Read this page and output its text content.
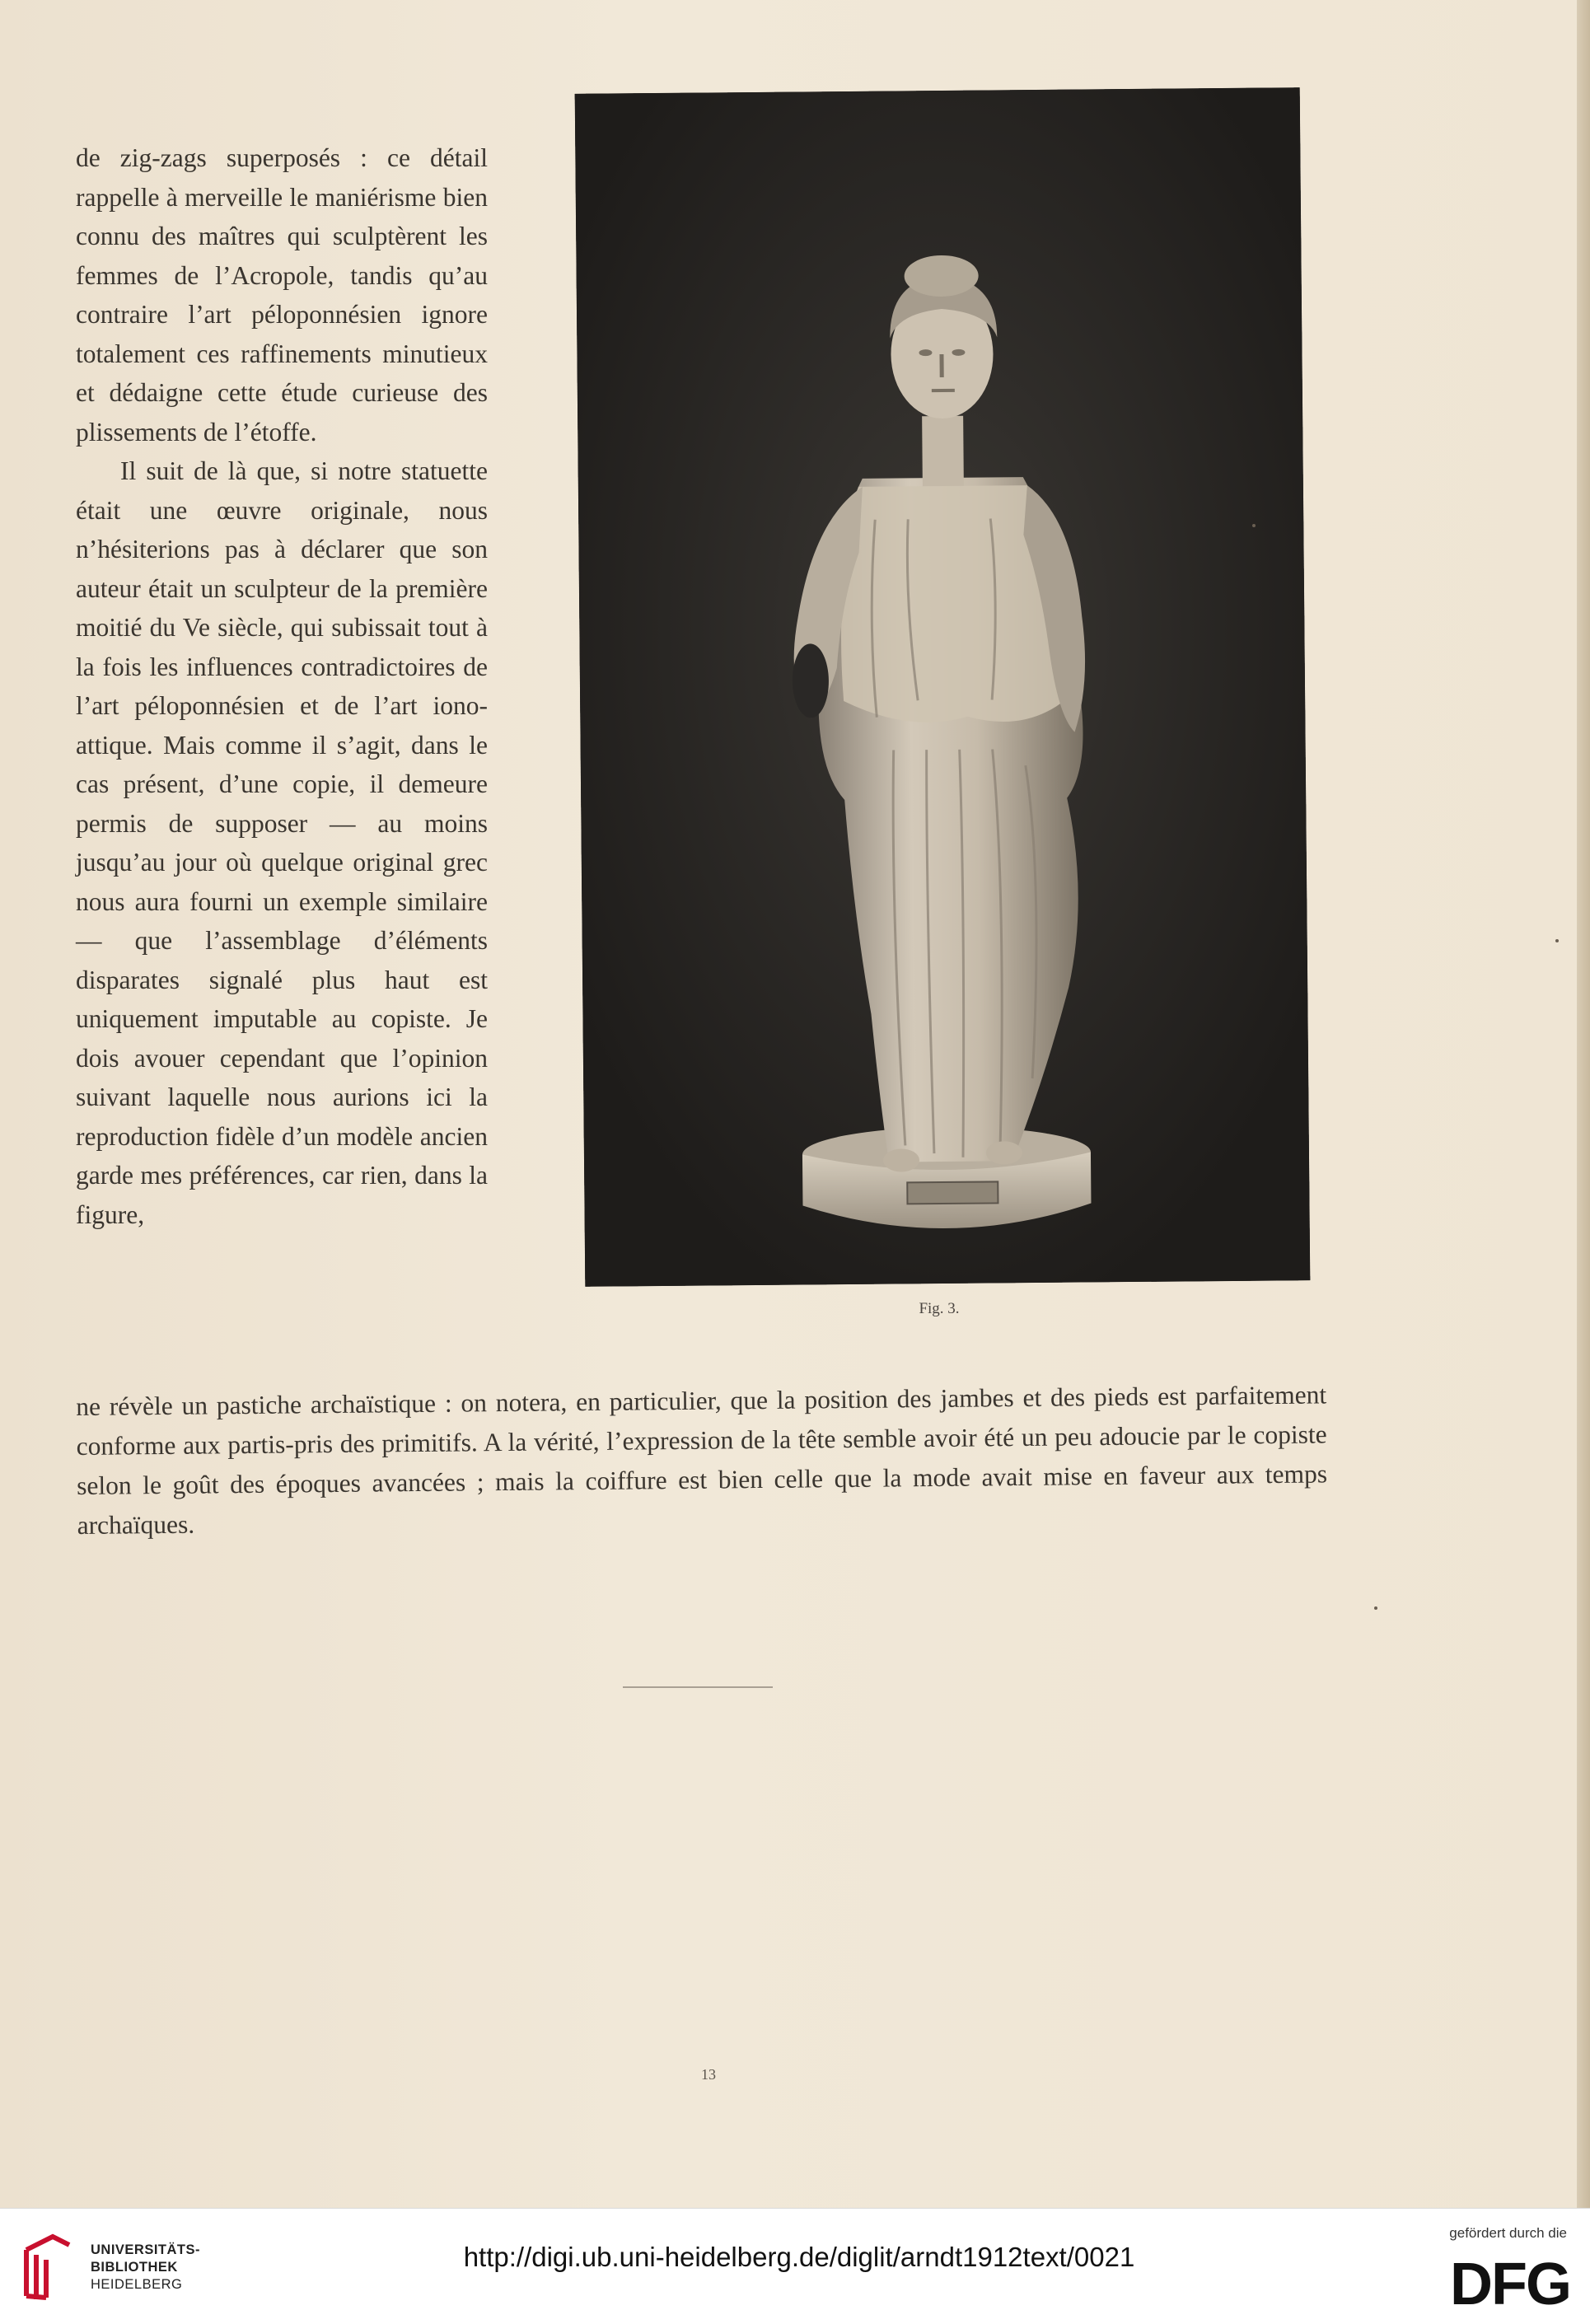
de zig-zags superposés : ce détail rappelle à merveille le maniérisme bien connu des maîtres qui sculptèrent les femmes de l’Acropole, tandis qu’au contraire l’art péloponnésien ignore totalement ces raffinements minutieux et dédaigne cette étude curieuse des plissements de l’étoffe.

Il suit de là que, si notre statuette était une œuvre originale, nous n’hésiterions pas à déclarer que son auteur était un sculpteur de la première moitié du Ve siècle, qui subissait tout à la fois les influences contradictoires de l’art péloponnésien et de l’art iono-attique. Mais comme il s’agit, dans le cas présent, d’une copie, il demeure permis de supposer — au moins jusqu’au jour où quelque original grec nous aura fourni un exemple similaire — que l’assemblage d’éléments disparates signalé plus haut est uniquement imputable au copiste. Je dois avouer cependant que l’opinion suivant laquelle nous aurions ici la reproduction fidèle d’un modèle ancien garde mes préférences, car rien, dans la figure,

Fig. 3.

ne révèle un pastiche archaïstique : on notera, en particulier, que la position des jambes et des pieds est parfaitement conforme aux partis-pris des primitifs. A la vérité, l’expression de la tête semble avoir été un peu adoucie par le copiste selon le goût des époques avancées ; mais la coiffure est bien celle que la mode avait mise en faveur aux temps archaïques.

13
UNIVERSITÄTS-
BIBLIOTHEK
HEIDELBERG
http://digi.ub.uni-heidelberg.de/diglit/arndt1912text/0021
gefördert durch die
DFG
